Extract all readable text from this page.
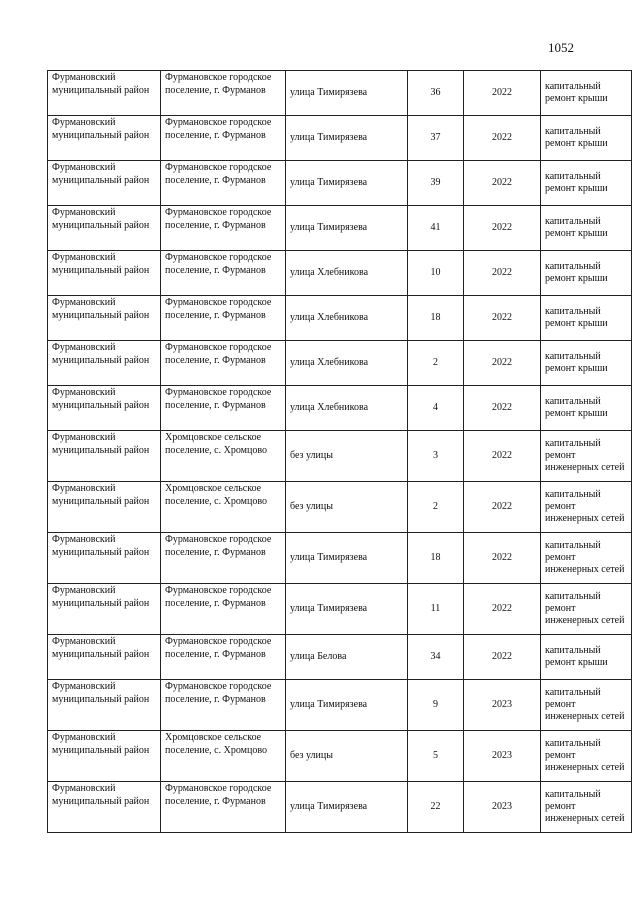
1052
Фурмановский муниципальный район	Фурмановское городское поселение, г. Фурманов	улица Тимирязева	36	2022	капитальный ремонт крыши
Фурмановский муниципальный район	Фурмановское городское поселение, г. Фурманов	улица Тимирязева	37	2022	капитальный ремонт крыши
Фурмановский муниципальный район	Фурмановское городское поселение, г. Фурманов	улица Тимирязева	39	2022	капитальный ремонт крыши
Фурмановский муниципальный район	Фурмановское городское поселение, г. Фурманов	улица Тимирязева	41	2022	капитальный ремонт крыши
Фурмановский муниципальный район	Фурмановское городское поселение, г. Фурманов	улица Хлебникова	10	2022	капитальный ремонт крыши
Фурмановский муниципальный район	Фурмановское городское поселение, г. Фурманов	улица Хлебникова	18	2022	капитальный ремонт крыши
Фурмановский муниципальный район	Фурмановское городское поселение, г. Фурманов	улица Хлебникова	2	2022	капитальный ремонт крыши
Фурмановский муниципальный район	Фурмановское городское поселение, г. Фурманов	улица Хлебникова	4	2022	капитальный ремонт крыши
Фурмановский муниципальный район	Хромцовское сельское поселение, с. Хромцово	без улицы	3	2022	капитальный ремонт инженерных сетей
Фурмановский муниципальный район	Хромцовское сельское поселение, с. Хромцово	без улицы	2	2022	капитальный ремонт инженерных сетей
Фурмановский муниципальный район	Фурмановское городское поселение, г. Фурманов	улица Тимирязева	18	2022	капитальный ремонт инженерных сетей
Фурмановский муниципальный район	Фурмановское городское поселение, г. Фурманов	улица Тимирязева	11	2022	капитальный ремонт инженерных сетей
Фурмановский муниципальный район	Фурмановское городское поселение, г. Фурманов	улица Белова	34	2022	капитальный ремонт крыши
Фурмановский муниципальный район	Фурмановское городское поселение, г. Фурманов	улица Тимирязева	9	2023	капитальный ремонт инженерных сетей
Фурмановский муниципальный район	Хромцовское сельское поселение, с. Хромцово	без улицы	5	2023	капитальный ремонт инженерных сетей
Фурмановский муниципальный район	Фурмановское городское поселение, г. Фурманов	улица Тимирязева	22	2023	капитальный ремонт инженерных сетей
